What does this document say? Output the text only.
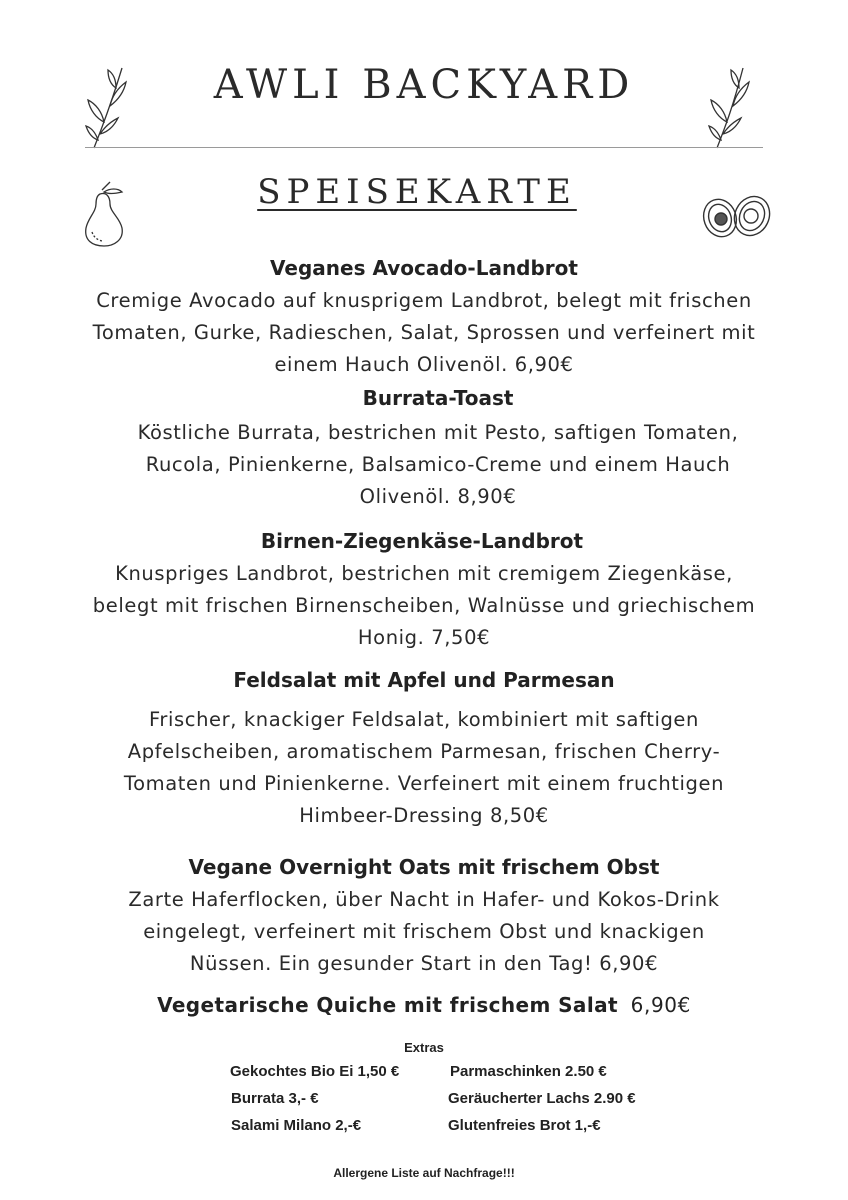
AWLI BACKYARD
SPEISEKARTE
Veganes Avocado-Landbrot
Cremige Avocado auf knusprigem Landbrot, belegt mit frischen
Tomaten, Gurke, Radieschen, Salat, Sprossen und verfeinert mit
einem Hauch Olivenöl. 6,90€
Burrata-Toast
Köstliche Burrata, bestrichen mit Pesto, saftigen Tomaten,
Rucola, Pinienkerne, Balsamico-Creme und einem Hauch
Olivenöl. 8,90€
Birnen-Ziegenkäse-Landbrot
Knuspriges Landbrot, bestrichen mit cremigem Ziegenkäse,
belegt mit frischen Birnenscheiben, Walnüsse und griechischem
Honig. 7,50€
Feldsalat mit Apfel und Parmesan
Frischer, knackiger Feldsalat, kombiniert mit saftigen
Apfelscheiben, aromatischem Parmesan, frischen Cherry-
Tomaten und Pinienkerne. Verfeinert mit einem fruchtigen
Himbeer-Dressing 8,50€
Vegane Overnight Oats mit frischem Obst
Zarte Haferflocken, über Nacht in Hafer- und Kokos-Drink
eingelegt, verfeinert mit frischem Obst und knackigen
Nüssen. Ein gesunder Start in den Tag! 6,90€
Vegetarische Quiche mit frischem Salat 6,90€
Extras
Gekochtes Bio Ei 1,50 €
Burrata 3,- €
Salami Milano 2,-€
Parmaschinken 2.50 €
Geräucherter Lachs 2.90 €
Glutenfreies Brot 1,-€
Allergene Liste auf Nachfrage!!!
